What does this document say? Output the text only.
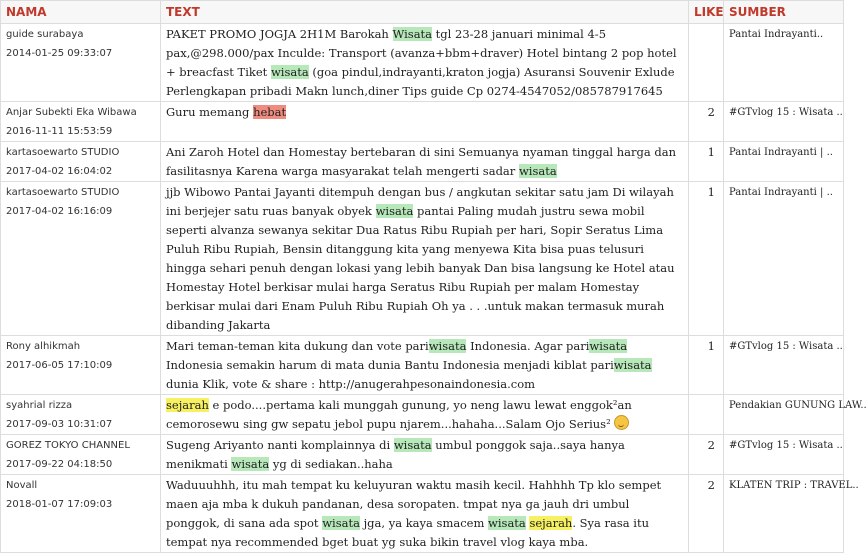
NAMA	TEXT	LIKE	SUMBER

guide surabaya
2014-01-25 09:33:07	PAKET PROMO JOGJA 2H1M Barokah Wisata tgl 23-28 januari minimal 4-5 pax,@298.000/pax Inculde: Transport (avanza+bbm+draver) Hotel bintang 2 pop hotel + breacfast Tiket wisata (goa pindul,indrayanti,kraton jogja) Asuransi Souvenir Exlude Perlengkapan pribadi Makn lunch,diner Tips guide Cp 0274-4547052/085787917645		Pantai Indrayanti..

Anjar Subekti Eka Wibawa
2016-11-11 15:53:59	Guru memang hebat	2	#GTvlog 15 : Wisata ..

kartasoewarto STUDIO
2017-04-02 16:04:02	Ani Zaroh Hotel dan Homestay bertebaran di sini Semuanya nyaman tinggal harga dan fasilitasnya Karena warga masyarakat telah mengerti sadar wisata	1	Pantai Indrayanti | ..

kartasoewarto STUDIO
2017-04-02 16:16:09	jjb Wibowo Pantai Jayanti ditempuh dengan bus / angkutan sekitar satu jam Di wilayah ini berjejer satu ruas banyak obyek wisata pantai Paling mudah justru sewa mobil seperti alvanza sewanya sekitar Dua Ratus Ribu Rupiah per hari, Sopir Seratus Lima Puluh Ribu Rupiah, Bensin ditanggung kita yang menyewa Kita bisa puas telusuri hingga sehari penuh dengan lokasi yang lebih banyak Dan bisa langsung ke Hotel atau Homestay Hotel berkisar mulai harga Seratus Ribu Rupiah per malam Homestay berkisar mulai dari Enam Puluh Ribu Rupiah Oh ya . . .untuk makan termasuk murah dibanding Jakarta	1	Pantai Indrayanti | ..

Rony alhikmah
2017-06-05 17:10:09	Mari teman-teman kita dukung dan vote pariwisata Indonesia. Agar pariwisata Indonesia semakin harum di mata dunia Bantu Indonesia menjadi kiblat pariwisata dunia Klik, vote & share : http://anugerahpesonaindonesia.com	1	#GTvlog 15 : Wisata ..

syahrial rizza
2017-09-03 10:31:07	sejarah e podo....pertama kali munggah gunung, yo neng lawu lewat enggok²an cemorosewu sing gw sepatu jebol pupu njarem...hahaha...Salam Ojo Serius²		Pendakian GUNUNG LAW..

GOREZ TOKYO CHANNEL
2017-09-22 04:18:50	Sugeng Ariyanto nanti komplainnya di wisata umbul ponggok saja..saya hanya menikmati wisata yg di sediakan..haha	2	#GTvlog 15 : Wisata ..

Novall
2018-01-07 17:09:03	Waduuuhhh, itu mah tempat ku keluyuran waktu masih kecil. Hahhhh Tp klo sempet maen aja mba k dukuh pandanan, desa soropaten. tmpat nya ga jauh dri umbul ponggok, di sana ada spot wisata jga, ya kaya smacem wisata sejarah. Sya rasa itu tempat nya recommended bget buat yg suka bikin travel vlog kaya mba.	2	KLATEN TRIP : TRAVEL..
